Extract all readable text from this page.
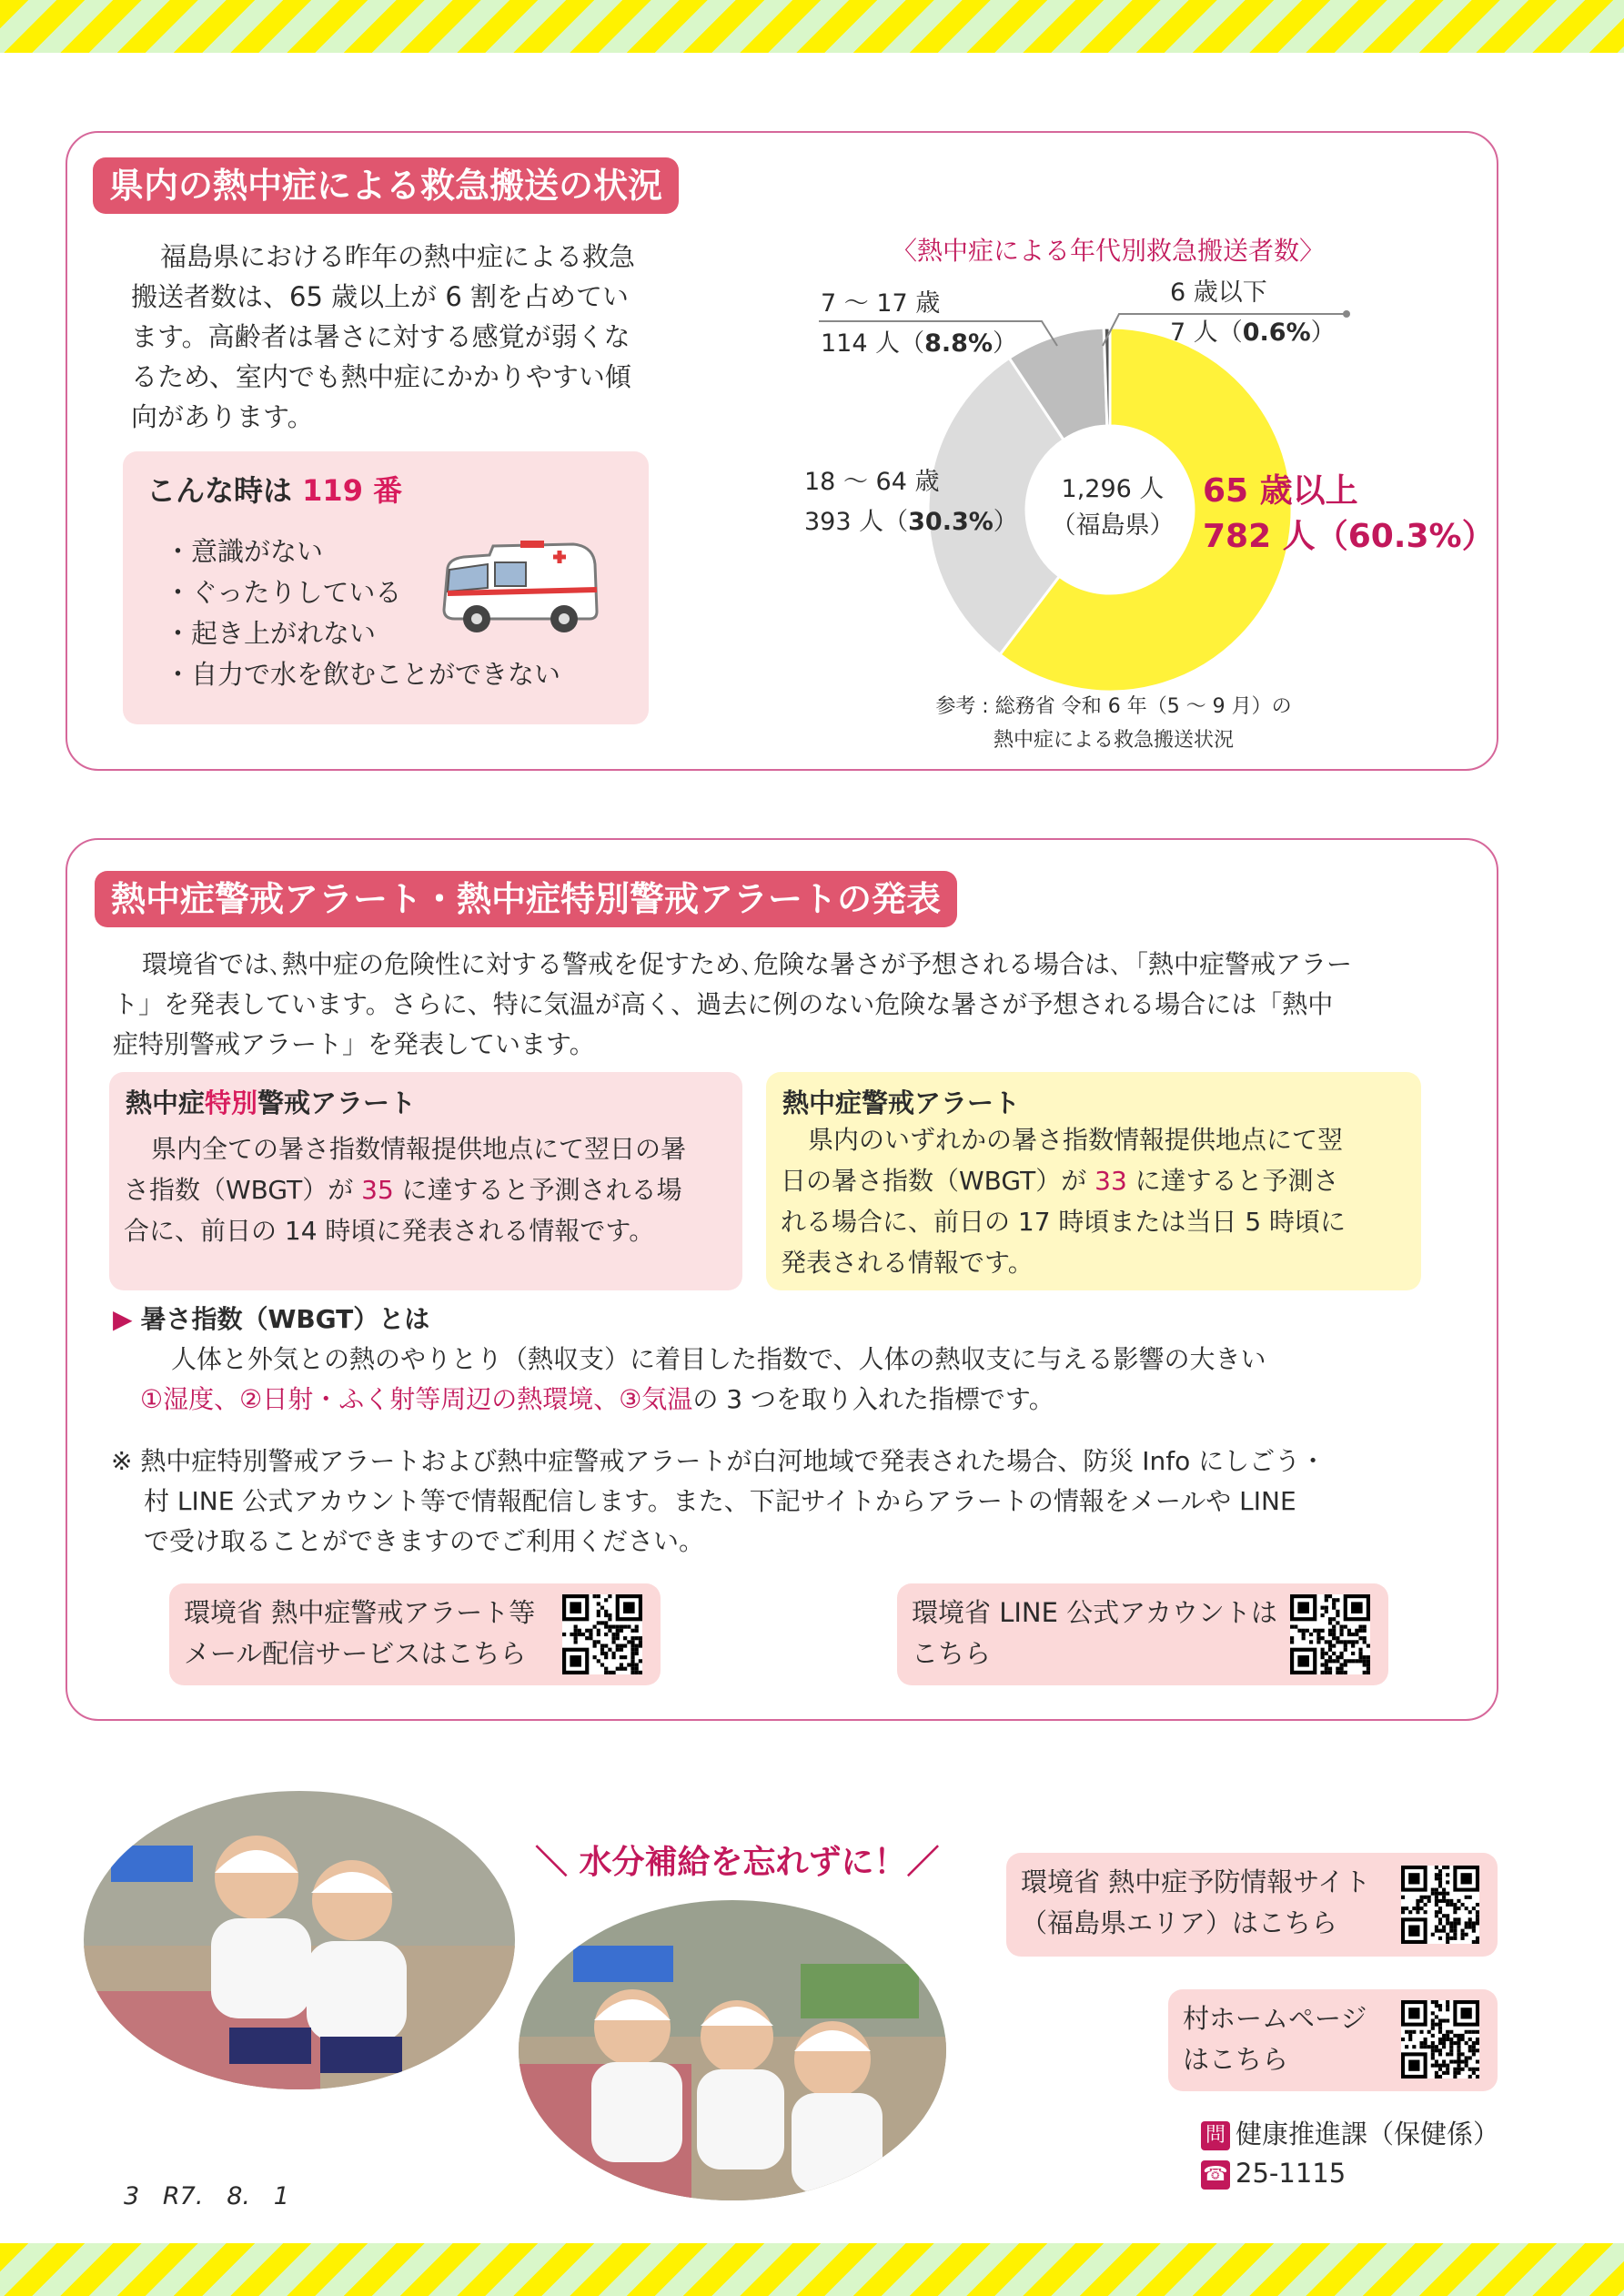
県内の熱中症による救急搬送の状況
福島県における昨年の熱中症による救急搬送者数は、65 歳以上が 6 割を占めています。高齢者は暑さに対する感覚が弱くなるため、室内でも熱中症にかかりやすい傾向があります。
こんな時は 119 番
・意識がない
・ぐったりしている
・起き上がれない
・自力で水を飲むことができない
〈熱中症による年代別救急搬送者数〉
1,296 人
（福島県）
7 ～ 17 歳
114 人（8.8%）
6 歳以下
7 人（0.6%）
18 ～ 64 歳
393 人（30.3%）
65 歳以上
782 人（60.3%）
参考 : 総務省 令和 6 年（5 ～ 9 月）の
熱中症による救急搬送状況
熱中症警戒アラート・熱中症特別警戒アラートの発表
環境省では､熱中症の危険性に対する警戒を促すため､危険な暑さが予想される場合は､「熱中症警戒アラー
ト」を発表しています。さらに、特に気温が高く、過去に例のない危険な暑さが予想される場合には「熱中
症特別警戒アラート」を発表しています。
熱中症特別警戒アラート
県内全ての暑さ指数情報提供地点にて翌日の暑
さ指数（WBGT）が 35 に達すると予測される場
合に、前日の 14 時頃に発表される情報です。
熱中症警戒アラート
県内のいずれかの暑さ指数情報提供地点にて翌
日の暑さ指数（WBGT）が 33 に達すると予測さ
れる場合に、前日の 17 時頃または当日 5 時頃に
発表される情報です。
▶ 暑さ指数（WBGT）とは
人体と外気との熱のやりとり（熱収支）に着目した指数で、人体の熱収支に与える影響の大きい
①湿度、②日射・ふく射等周辺の熱環境、③気温の 3 つを取り入れた指標です。
※ 熱中症特別警戒アラートおよび熱中症警戒アラートが白河地域で発表された場合、防災 Info にしごう・
村 LINE 公式アカウント等で情報配信します。また、下記サイトからアラートの情報をメールや LINE
で受け取ることができますのでご利用ください。
環境省 熱中症警戒アラート等
メール配信サービスはこちら
環境省 LINE 公式アカウントは
こちら
＼ 水分補給を忘れずに！／
環境省 熱中症予防情報サイト
（福島県エリア）はこちら
村ホームページ
はこちら
問 健康推進課（保健係）
☎ 25-1115
3   R7.   8.   1
